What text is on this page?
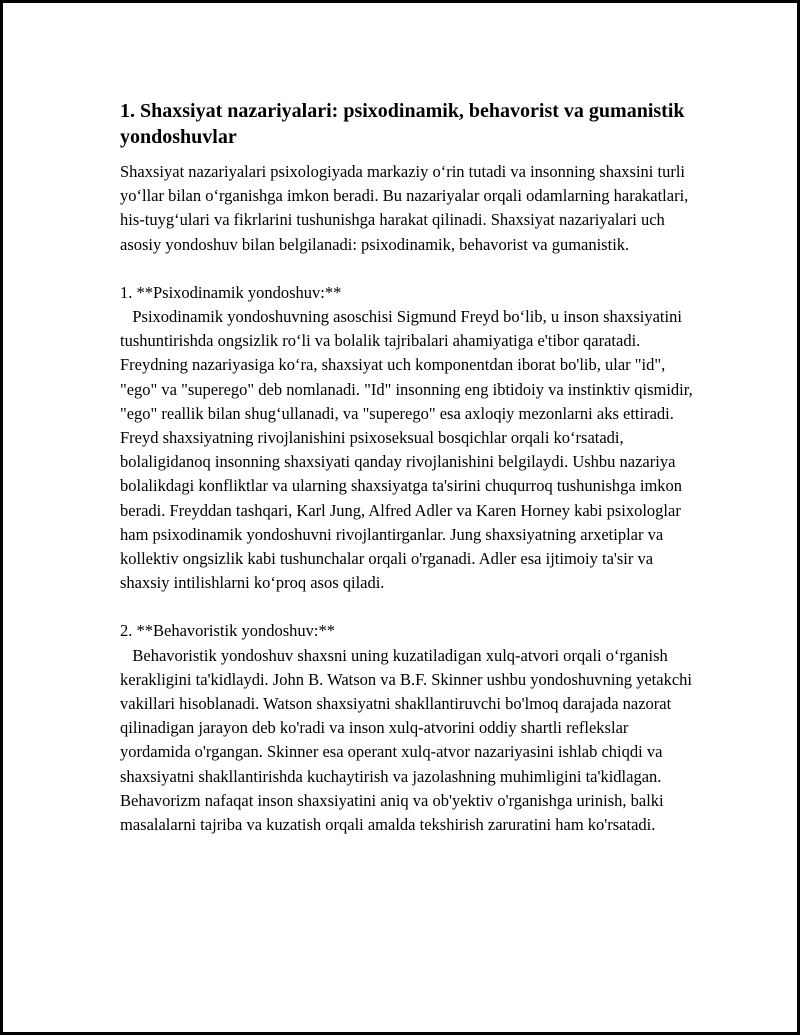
1. Shaxsiyat nazariyalari: psixodinamik, behavorist va gumanistik yondoshuvlar

Shaxsiyat nazariyalari psixologiyada markaziy oʻrin tutadi va insonning shaxsini turli yoʻllar bilan oʻrganishga imkon beradi. Bu nazariyalar orqali odamlarning harakatlari, his-tuygʻulari va fikrlarini tushunishga harakat qilinadi. Shaxsiyat nazariyalari uch asosiy yondoshuv bilan belgilanadi: psixodinamik, behavorist va gumanistik.

1. **Psixodinamik yondoshuv:**

Psixodinamik yondoshuvning asoschisi Sigmund Freyd boʻlib, u inson shaxsiyatini tushuntirishda ongsizlik roʻli va bolalik tajribalari ahamiyatiga e'tibor qaratadi. Freydning nazariyasiga koʻra, shaxsiyat uch komponentdan iborat bo'lib, ular "id", "ego" va "superego" deb nomlanadi. "Id" insonning eng ibtidoiy va instinktiv qismidir, "ego" reallik bilan shugʻullanadi, va "superego" esa axloqiy mezonlarni aks ettiradi. Freyd shaxsiyatning rivojlanishini psixoseksual bosqichlar orqali koʻrsatadi, bolaligidanoq insonning shaxsiyati qanday rivojlanishini belgilaydi. Ushbu nazariya bolalikdagi konfliktlar va ularning shaxsiyatga ta'sirini chuqurroq tushunishga imkon beradi. Freyddan tashqari, Karl Jung, Alfred Adler va Karen Horney kabi psixologlar ham psixodinamik yondoshuvni rivojlantirganlar. Jung shaxsiyatning arxetiplar va kollektiv ongsizlik kabi tushunchalar orqali o'rganadi. Adler esa ijtimoiy ta'sir va shaxsiy intilishlarni koʻproq asos qiladi.

2. **Behavoristik yondoshuv:**

Behavoristik yondoshuv shaxsni uning kuzatiladigan xulq-atvori orqali oʻrganish kerakligini ta'kidlaydi. John B. Watson va B.F. Skinner ushbu yondoshuvning yetakchi vakillari hisoblanadi. Watson shaxsiyatni shakllantiruvchi bo'lmoq darajada nazorat qilinadigan jarayon deb ko'radi va inson xulq-atvorini oddiy shartli reflekslar yordamida o'rgangan. Skinner esa operant xulq-atvor nazariyasini ishlab chiqdi va shaxsiyatni shakllantirishda kuchaytirish va jazolashning muhimligini ta'kidlagan. Behavorizm nafaqat inson shaxsiyatini aniq va ob'yektiv o'rganishga urinish, balki masalalarni tajriba va kuzatish orqali amalda tekshirish zaruratini ham ko'rsatadi.
